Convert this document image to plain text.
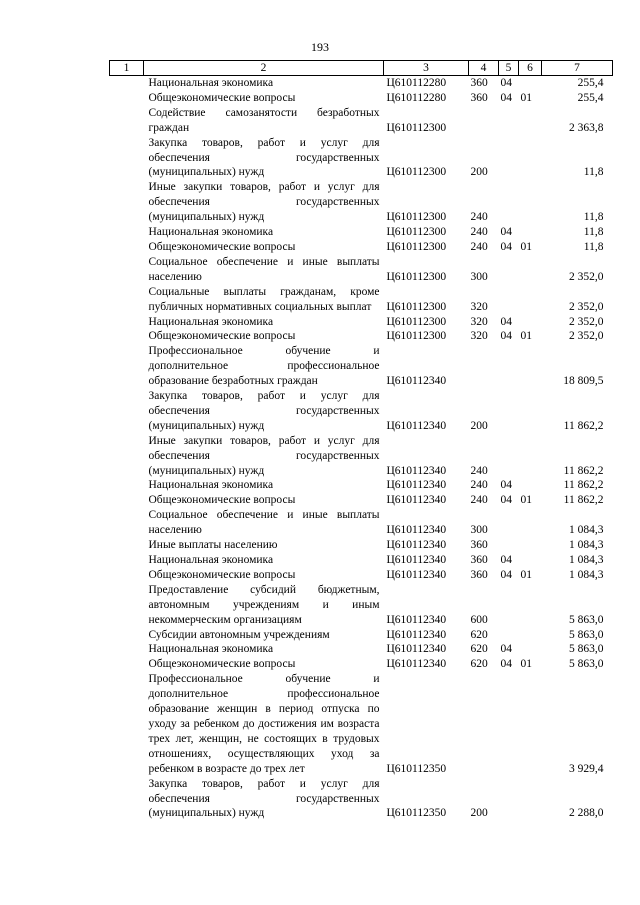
193
1	2	3	4	5	6	7
	Национальная экономика	Ц610112280	360	04		255,4
	Общеэкономические вопросы	Ц610112280	360	04	01	255,4
	Содействие самозанятости безработных граждан	Ц610112300				2 363,8
	Закупка товаров, работ и услуг для обеспечения государственных (муниципальных) нужд	Ц610112300	200			11,8
	Иные закупки товаров, работ и услуг для обеспечения государственных (муниципальных) нужд	Ц610112300	240			11,8
	Национальная экономика	Ц610112300	240	04		11,8
	Общеэкономические вопросы	Ц610112300	240	04	01	11,8
	Социальное обеспечение и иные выплаты населению	Ц610112300	300			2 352,0
	Социальные выплаты гражданам, кроме публичных нормативных социальных выплат	Ц610112300	320			2 352,0
	Национальная экономика	Ц610112300	320	04		2 352,0
	Общеэкономические вопросы	Ц610112300	320	04	01	2 352,0
	Профессиональное обучение и дополнительное профессиональное образование безработных граждан	Ц610112340				18 809,5
	Закупка товаров, работ и услуг для обеспечения государственных (муниципальных) нужд	Ц610112340	200			11 862,2
	Иные закупки товаров, работ и услуг для обеспечения государственных (муниципальных) нужд	Ц610112340	240			11 862,2
	Национальная экономика	Ц610112340	240	04		11 862,2
	Общеэкономические вопросы	Ц610112340	240	04	01	11 862,2
	Социальное обеспечение и иные выплаты населению	Ц610112340	300			1 084,3
	Иные выплаты населению	Ц610112340	360			1 084,3
	Национальная экономика	Ц610112340	360	04		1 084,3
	Общеэкономические вопросы	Ц610112340	360	04	01	1 084,3
	Предоставление субсидий бюджетным, автономным учреждениям и иным некоммерческим организациям	Ц610112340	600			5 863,0
	Субсидии автономным учреждениям	Ц610112340	620			5 863,0
	Национальная экономика	Ц610112340	620	04		5 863,0
	Общеэкономические вопросы	Ц610112340	620	04	01	5 863,0
	Профессиональное обучение и дополнительное профессиональное образование женщин в период отпуска по уходу за ребенком до достижения им возраста трех лет, женщин, не состоящих в трудовых отношениях, осуществляющих уход за ребенком в возрасте до трех лет	Ц610112350				3 929,4
	Закупка товаров, работ и услуг для обеспечения государственных (муниципальных) нужд	Ц610112350	200			2 288,0
